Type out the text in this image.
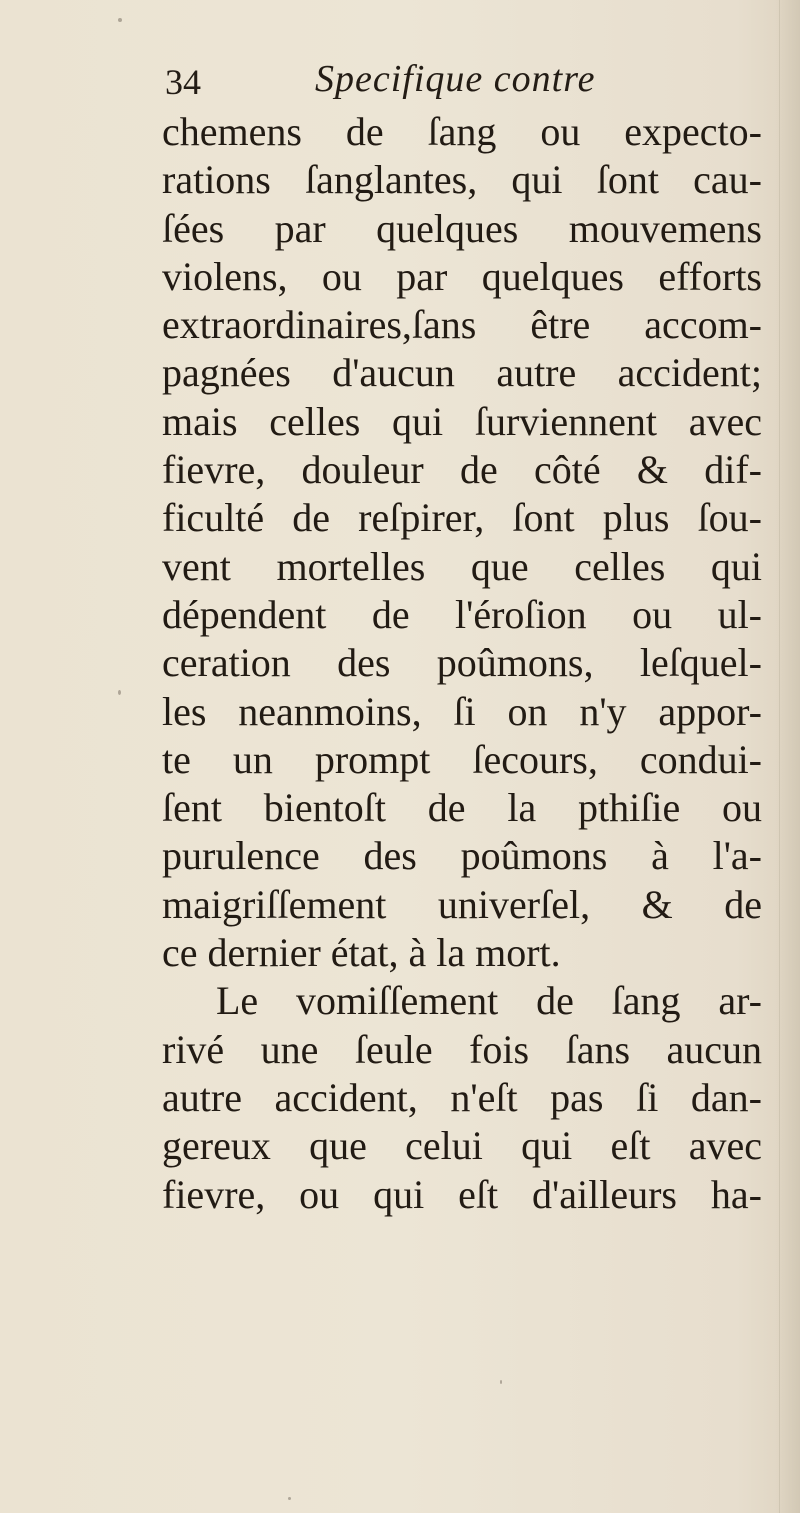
34	Specifique contre
chemens de ſang ou expecto-
rations ſanglantes, qui ſont cau-
ſées par quelques mouvemens
violens, ou par quelques efforts
extraordinaires,ſans être accom-
pagnées d'aucun autre accident;
mais celles qui ſurviennent avec
fievre, douleur de côté & dif-
ficulté de reſpirer, ſont plus ſou-
vent mortelles que celles qui
dépendent de l'éroſion ou ul-
ceration des poûmons, leſquel-
les neanmoins, ſi on n'y appor-
te un prompt ſecours, condui-
ſent bientoſt de la pthiſie ou
purulence des poûmons à l'a-
maigriſſement univerſel, & de
ce dernier état, à la mort.
Le vomiſſement de ſang ar-
rivé une ſeule fois ſans aucun
autre accident, n'eſt pas ſi dan-
gereux que celui qui eſt avec
fievre, ou qui eſt d'ailleurs ha-
